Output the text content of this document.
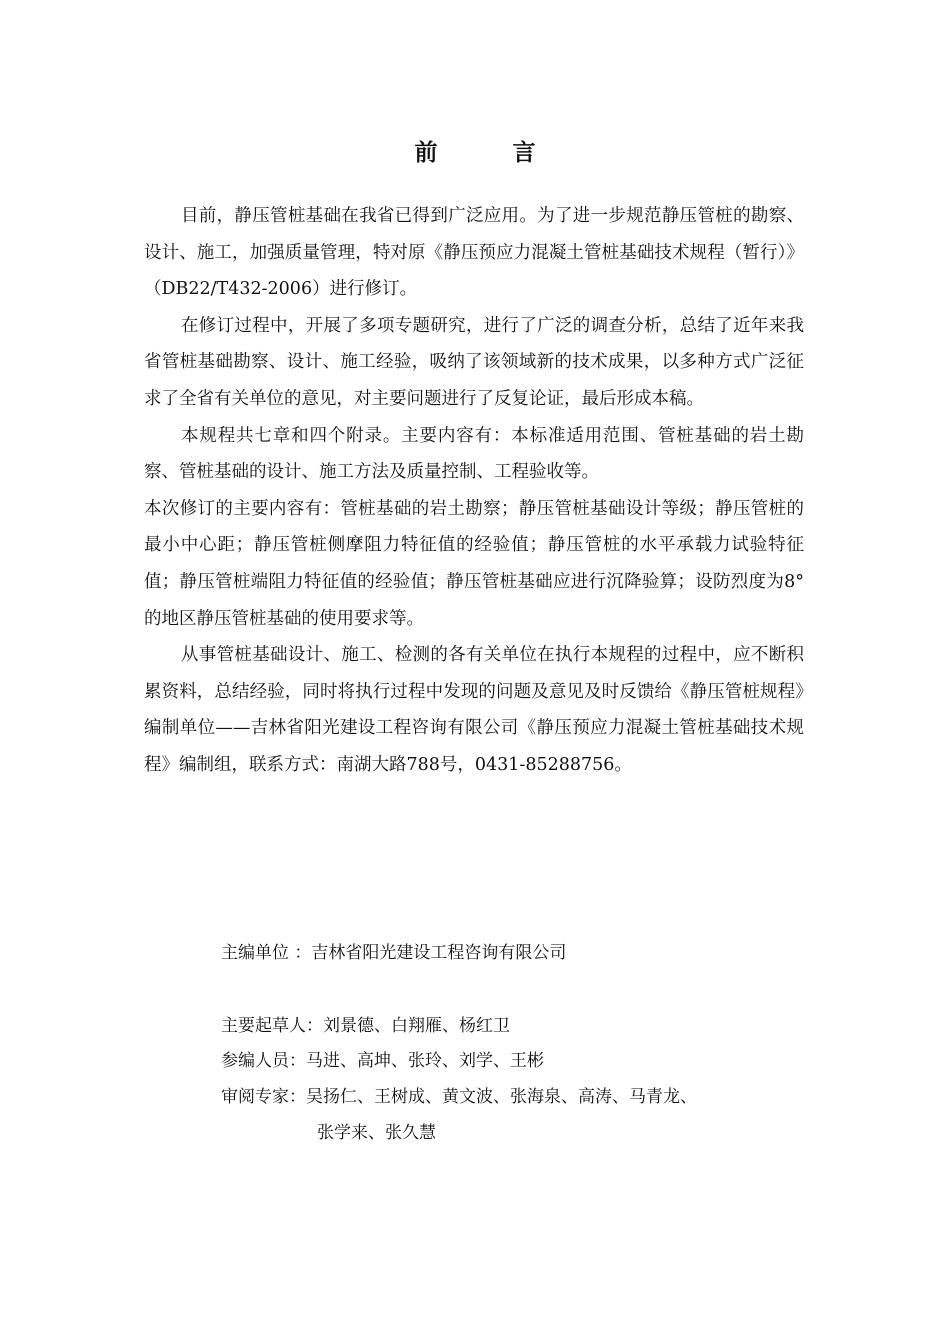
前　言

目前，静压管桩基础在我省已得到广泛应用。为了进一步规范静压管桩的勘察、设计、施工，加强质量管理，特对原《静压预应力混凝土管桩基础技术规程（暂行）》（DB22/T432-2006）进行修订。

在修订过程中，开展了多项专题研究，进行了广泛的调查分析，总结了近年来我省管桩基础勘察、设计、施工经验，吸纳了该领域新的技术成果，以多种方式广泛征求了全省有关单位的意见，对主要问题进行了反复论证，最后形成本稿。

本规程共七章和四个附录。主要内容有：本标准适用范围、管桩基础的岩土勘察、管桩基础的设计、施工方法及质量控制、工程验收等。

本次修订的主要内容有：管桩基础的岩土勘察；静压管桩基础设计等级；静压管桩的最小中心距；静压管桩侧摩阻力特征值的经验值；静压管桩的水平承载力试验特征值；静压管桩端阻力特征值的经验值；静压管桩基础应进行沉降验算；设防烈度为8°的地区静压管桩基础的使用要求等。

从事管桩基础设计、施工、检测的各有关单位在执行本规程的过程中，应不断积累资料，总结经验，同时将执行过程中发现的问题及意见及时反馈给《静压管桩规程》编制单位——吉林省阳光建设工程咨询有限公司《静压预应力混凝土管桩基础技术规程》编制组，联系方式：南湖大路788号，0431-85288756。

主编单位 ：吉林省阳光建设工程咨询有限公司

主要起草人：刘景德、白翔雁、杨红卫

参编人员：马进、高坤、张玲、刘学、王彬

审阅专家：吴扬仁、王树成、黄文波、张海泉、高涛、马青龙、

张学来、张久慧
